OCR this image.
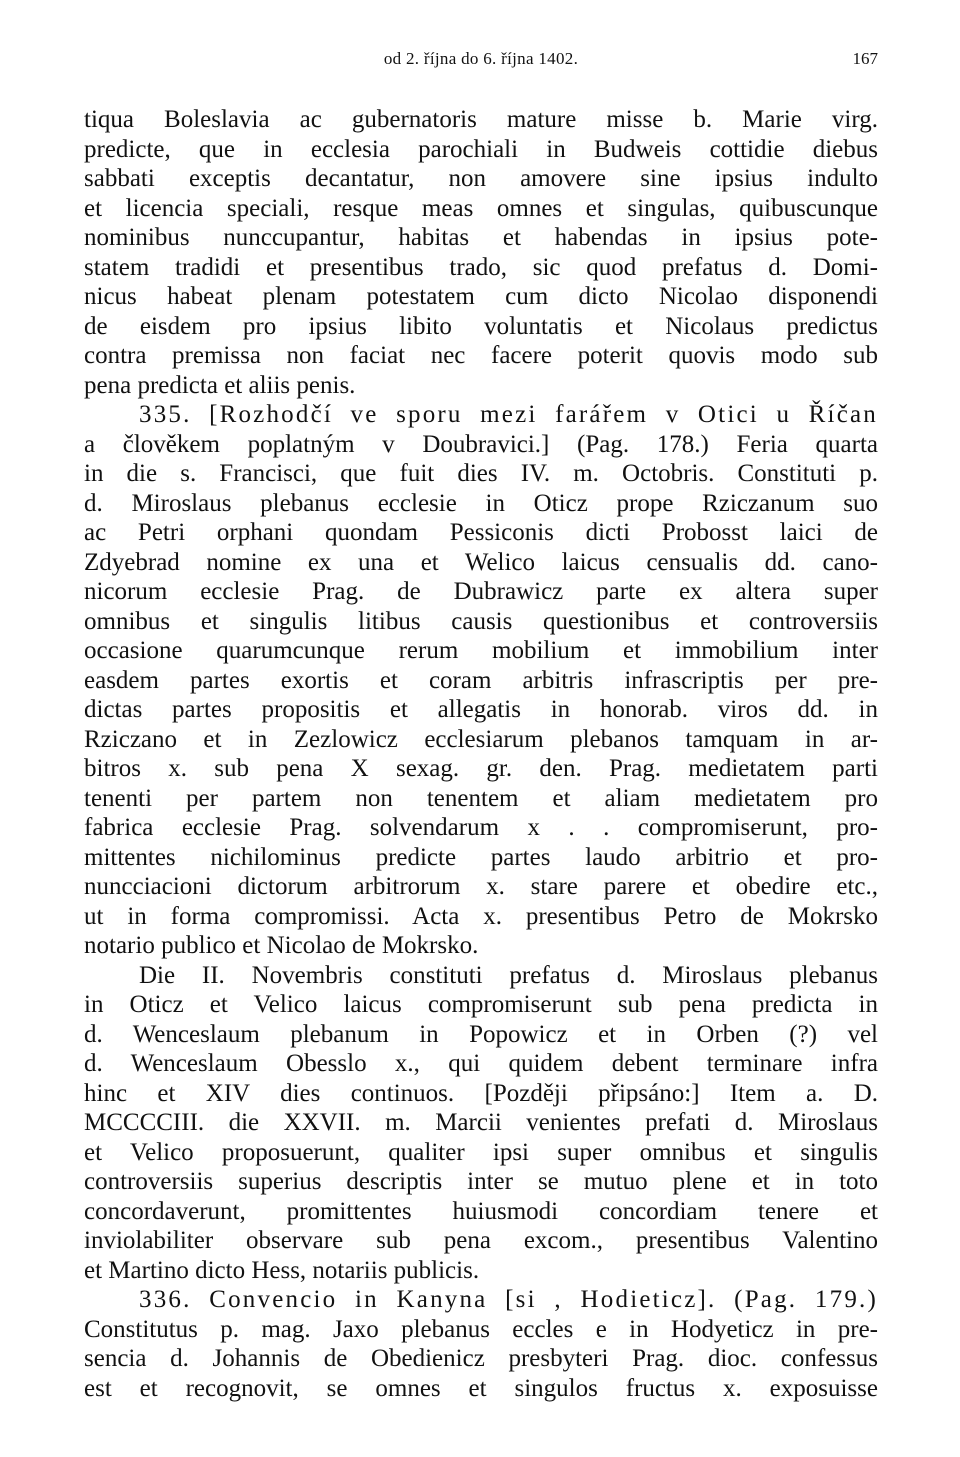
od 2. října do 6. října 1402.	167
tiqua Boleslavia ac gubernatoris mature misse b. Marie virg.
predicte, que in ecclesia parochiali in Budweis cottidie diebus
sabbati exceptis decantatur, non amovere sine ipsius indulto
et licencia speciali, resque meas omnes et singulas, quibuscunque
nominibus nunccupantur, habitas et habendas in ipsius pote-
statem tradidi et presentibus trado, sic quod prefatus d. Domi-
nicus habeat plenam potestatem cum dicto Nicolao disponendi
de eisdem pro ipsius libito voluntatis et Nicolaus predictus
contra premissa non faciat nec facere poterit quovis modo sub
pena predicta et aliis penis.
335. [Rozhodčí ve sporu mezi farářem v Otici u Říčan
a člověkem poplatným v Doubravici.] (Pag. 178.) Feria quarta
in die s. Francisci, que fuit dies IV. m. Octobris. Constituti p.
d. Miroslaus plebanus ecclesie in Oticz prope Rziczanum suo
ac Petri orphani quondam Pessiconis dicti Probosst laici de
Zdyebrad nomine ex una et Welico laicus censualis dd. cano-
nicorum ecclesie Prag. de Dubrawicz parte ex altera super
omnibus et singulis litibus causis questionibus et controversiis
occasione quarumcunque rerum mobilium et immobilium inter
easdem partes exortis et coram arbitris infrascriptis per pre-
dictas partes propositis et allegatis in honorab. viros dd. in
Rziczano et in Zezlowicz ecclesiarum plebanos tamquam in ar-
bitros x. sub pena X sexag. gr. den. Prag. medietatem parti
tenenti per partem non tenentem et aliam medietatem pro
fabrica ecclesie Prag. solvendarum x . . compromiserunt, pro-
mittentes nichilominus predicte partes laudo arbitrio et pro-
nuncciacioni dictorum arbitrorum x. stare parere et obedire etc.,
ut in forma compromissi. Acta x. presentibus Petro de Mokrsko
notario publico et Nicolao de Mokrsko.
Die II. Novembris constituti prefatus d. Miroslaus plebanus
in Oticz et Velico laicus compromiserunt sub pena predicta in
d. Wenceslaum plebanum in Popowicz et in Orben (?) vel
d. Wenceslaum Obesslo x., qui quidem debent terminare infra
hinc et XIV dies continuos. [Později připsáno:] Item a. D.
MCCCCIII. die XXVII. m. Marcii venientes prefati d. Miroslaus
et Velico proposuerunt, qualiter ipsi super omnibus et singulis
controversiis superius descriptis inter se mutuo plene et in toto
concordaverunt, promittentes huiusmodi concordiam tenere et
inviolabiliter observare sub pena excom., presentibus Valentino
et Martino dicto Hess, notariis publicis.
336. Convencio in Kanyna [si , Hodieticz]. (Pag. 179.)
Constitutus p. mag. Jaxo plebanus eccles e in Hodyeticz in pre-
sencia d. Johannis de Obedienicz presbyteri Prag. dioc. confessus
est et recognovit, se omnes et singulos fructus x. exposuisse
